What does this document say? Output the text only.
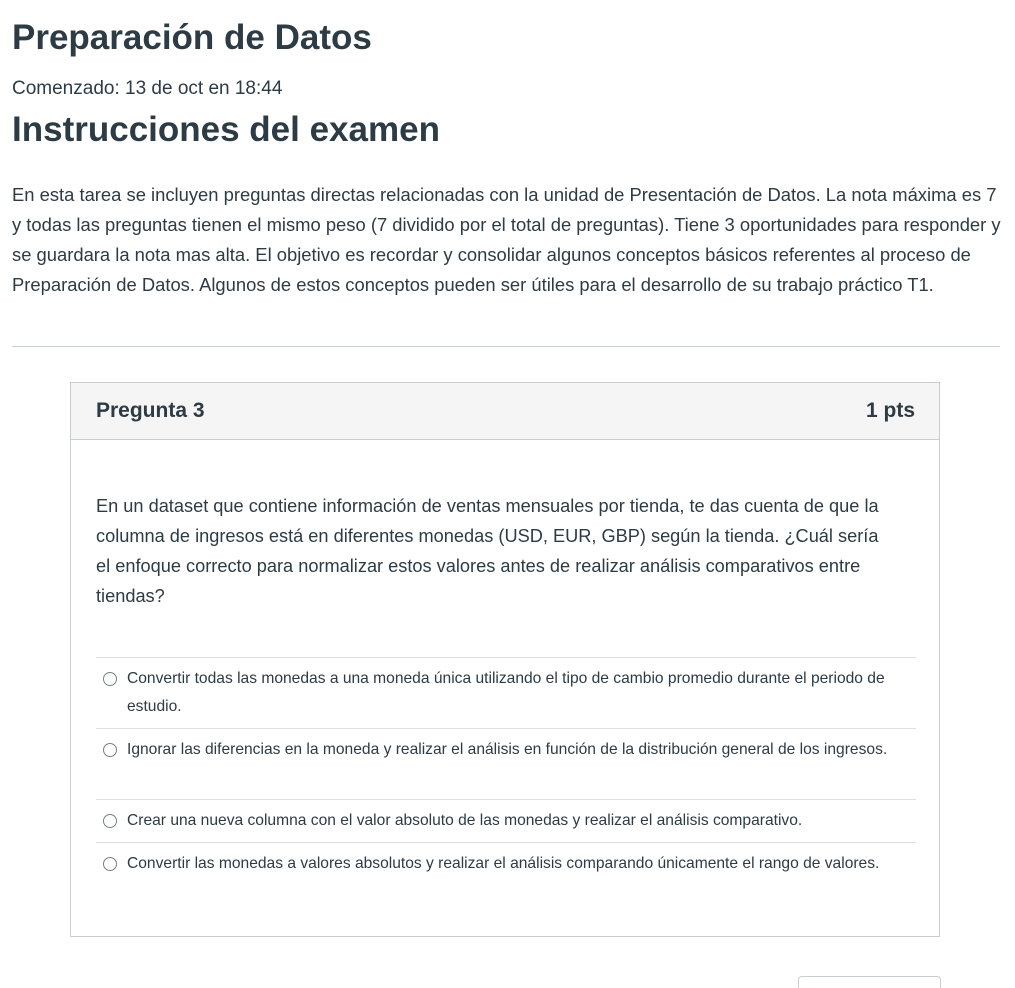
Preparación de Datos

Comenzado: 13 de oct en 18:44

Instrucciones del examen

En esta tarea se incluyen preguntas directas relacionadas con la unidad de Presentación de Datos. La nota máxima es 7 y todas las preguntas tienen el mismo peso (7 dividido por el total de preguntas). Tiene 3 oportunidades para responder y se guardara la nota mas alta. El objetivo es recordar y consolidar algunos conceptos básicos referentes al proceso de Preparación de Datos. Algunos de estos conceptos pueden ser útiles para el desarrollo de su trabajo práctico T1.

Pregunta 3	1 pts

En un dataset que contiene información de ventas mensuales por tienda, te das cuenta de que la columna de ingresos está en diferentes monedas (USD, EUR, GBP) según la tienda. ¿Cuál sería el enfoque correcto para normalizar estos valores antes de realizar análisis comparativos entre tiendas?

Convertir todas las monedas a una moneda única utilizando el tipo de cambio promedio durante el periodo de estudio.
Ignorar las diferencias en la moneda y realizar el análisis en función de la distribución general de los ingresos.
Crear una nueva columna con el valor absoluto de las monedas y realizar el análisis comparativo.
Convertir las monedas a valores absolutos y realizar el análisis comparando únicamente el rango de valores.
